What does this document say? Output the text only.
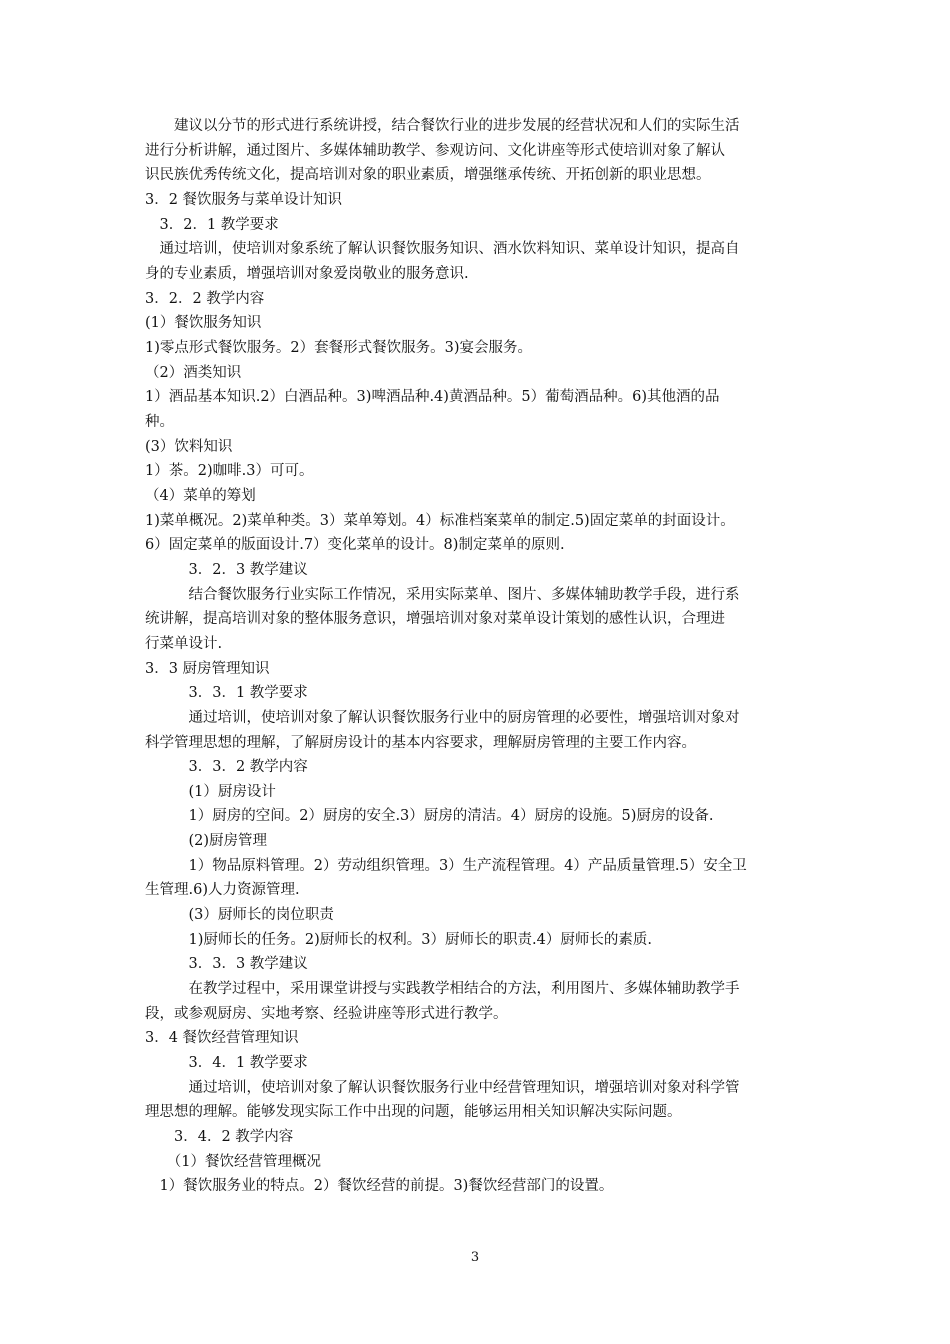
　　建议以分节的形式进行系统讲授，结合餐饮行业的进步发展的经营状况和人们的实际生活
进行分析讲解，通过图片、多媒体辅助教学、参观访问、文化讲座等形式使培训对象了解认
识民族优秀传统文化，提高培训对象的职业素质，增强继承传统、开拓创新的职业思想。
3．2 餐饮服务与菜单设计知识
　3．2．1 教学要求
　通过培训，使培训对象系统了解认识餐饮服务知识、酒水饮料知识、菜单设计知识，提高自
身的专业素质，增强培训对象爱岗敬业的服务意识.
3．2．2 教学内容
(1）餐饮服务知识
1)零点形式餐饮服务。2）套餐形式餐饮服务。3)宴会服务。
（2）酒类知识
1）酒品基本知识.2）白酒品种。3)啤酒品种.4)黄酒品种。5）葡萄酒品种。6)其他酒的品
种。
(3）饮料知识
1）茶。2)咖啡.3）可可。
（4）菜单的筹划
1)菜单概况。2)菜单种类。3）菜单筹划。4）标准档案菜单的制定.5)固定菜单的封面设计。
6）固定菜单的版面设计.7）变化菜单的设计。8)制定菜单的原则.
　　　3．2．3 教学建议
　　　结合餐饮服务行业实际工作情况，采用实际菜单、图片、多媒体辅助教学手段，进行系
统讲解，提高培训对象的整体服务意识，增强培训对象对菜单设计策划的感性认识，合理进
行菜单设计.
3．3 厨房管理知识
　　　3．3．1 教学要求
　　　通过培训，使培训对象了解认识餐饮服务行业中的厨房管理的必要性，增强培训对象对
科学管理思想的理解，了解厨房设计的基本内容要求，理解厨房管理的主要工作内容。
　　　3．3．2 教学内容
　　　(1）厨房设计
　　　1）厨房的空间。2）厨房的安全.3）厨房的清洁。4）厨房的设施。5)厨房的设备.
　　　(2)厨房管理
　　　1）物品原料管理。2）劳动组织管理。3）生产流程管理。4）产品质量管理.5）安全卫
生管理.6)人力资源管理.
　　　(3）厨师长的岗位职责
　　　1)厨师长的任务。2)厨师长的权利。3）厨师长的职责.4）厨师长的素质.
　　　3．3．3 教学建议
　　　在教学过程中，采用课堂讲授与实践教学相结合的方法，利用图片、多媒体辅助教学手
段，或参观厨房、实地考察、经验讲座等形式进行教学。
3．4 餐饮经营管理知识
　　　3．4．1 教学要求
　　　通过培训，使培训对象了解认识餐饮服务行业中经营管理知识，增强培训对象对科学管
理思想的理解。能够发现实际工作中出现的问题，能够运用相关知识解决实际问题。
　　3．4．2 教学内容
　　（1）餐饮经营管理概况
　1）餐饮服务业的特点。2）餐饮经营的前提。3)餐饮经营部门的设置。
3
